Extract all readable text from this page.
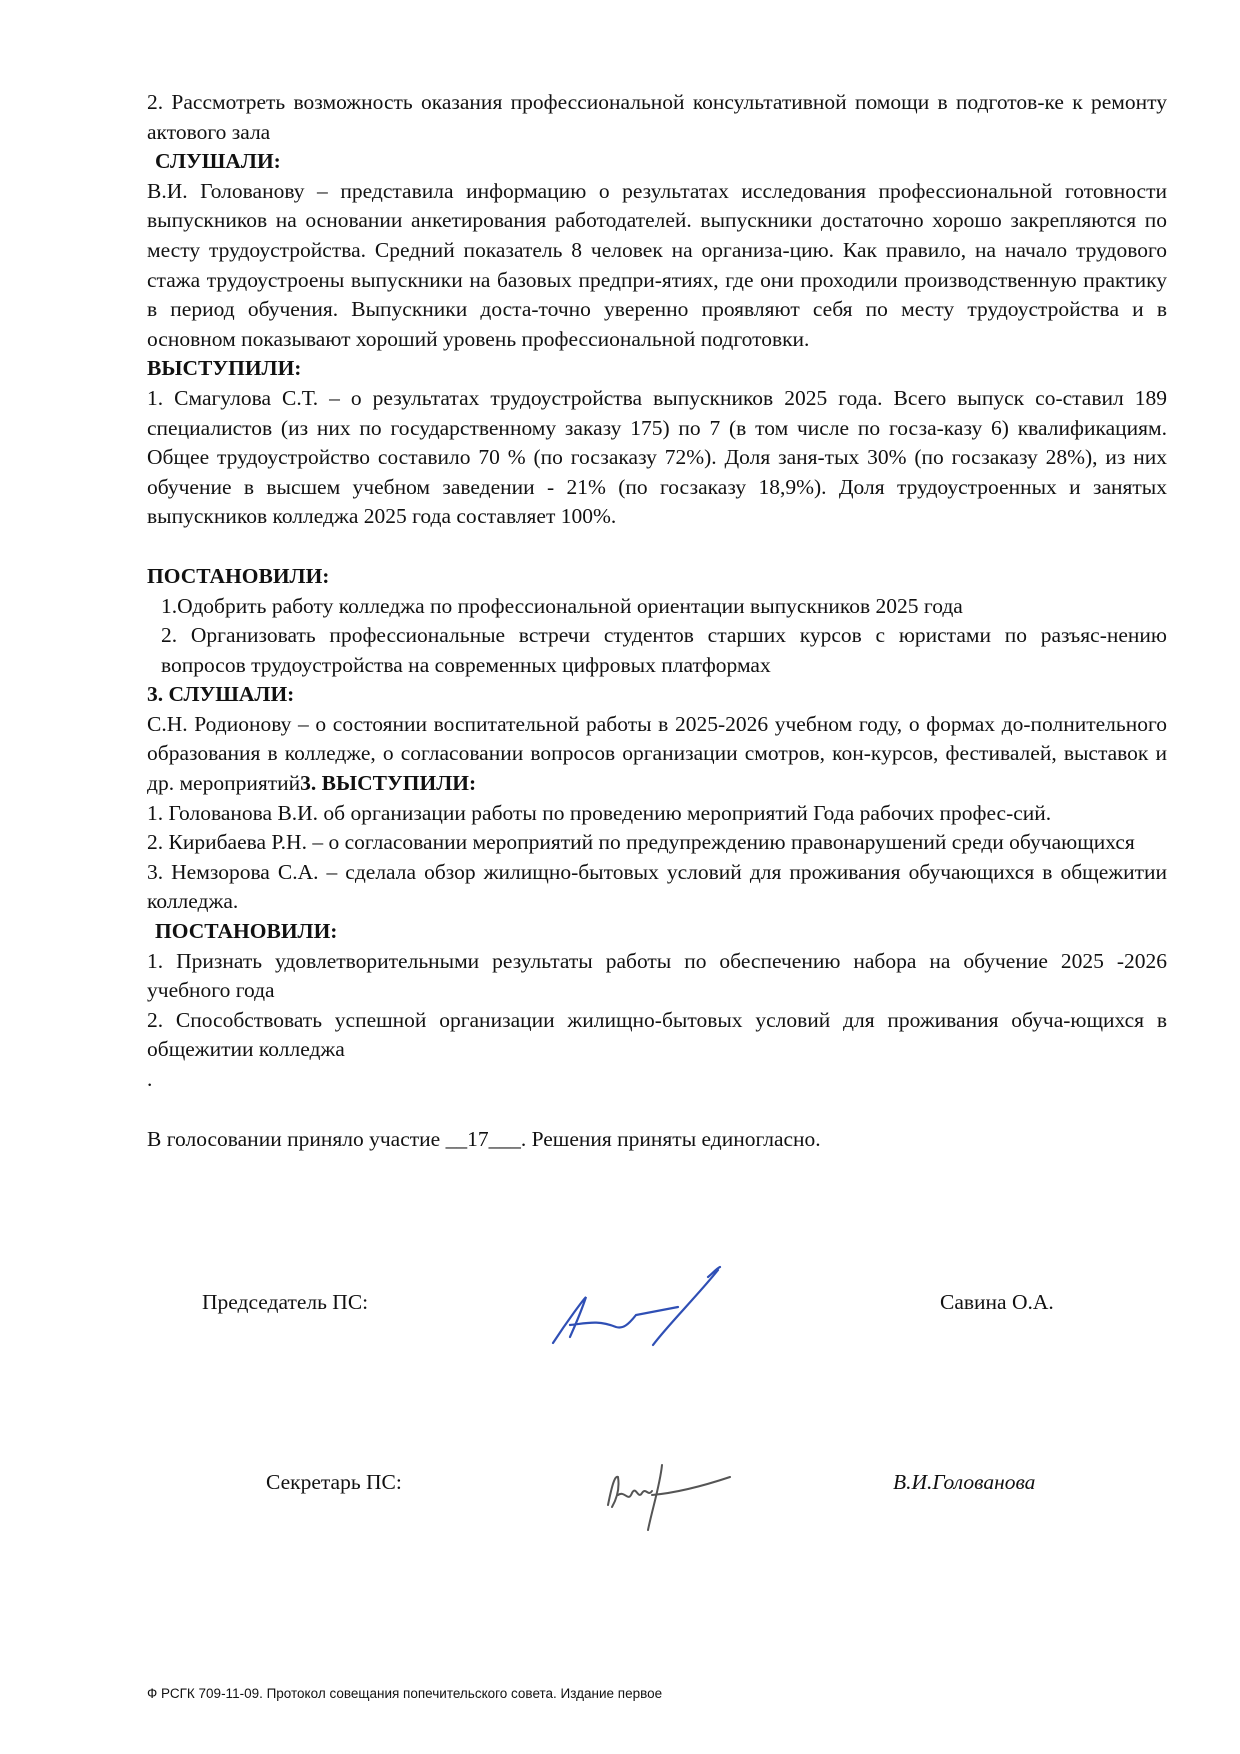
2. Рассмотреть возможность оказания профессиональной консультативной помощи в подготов-ке к ремонту актового зала
СЛУШАЛИ:
В.И. Голованову – представила информацию о результатах исследования профессиональной готовности выпускников на основании анкетирования работодателей. выпускники достаточно хорошо закрепляются по месту трудоустройства. Средний показатель 8 человек на организа-цию. Как правило, на начало трудового стажа трудоустроены выпускники на базовых предпри-ятиях, где они проходили производственную практику в период обучения. Выпускники доста-точно уверенно проявляют себя по месту трудоустройства и в основном показывают хороший уровень профессиональной подготовки.
ВЫСТУПИЛИ:
1. Смагулова С.Т. – о результатах трудоустройства выпускников 2025 года. Всего выпуск со-ставил 189 специалистов (из них по государственному заказу 175) по 7 (в том числе по госза-казу 6) квалификациям. Общее трудоустройство составило 70 % (по госзаказу 72%). Доля заня-тых 30% (по госзаказу 28%), из них обучение в высшем учебном заведении - 21% (по госзаказу 18,9%). Доля трудоустроенных и занятых выпускников колледжа 2025 года составляет 100%.
ПОСТАНОВИЛИ:
1.Одобрить работу колледжа по профессиональной ориентации выпускников 2025 года
2. Организовать профессиональные встречи студентов старших курсов с юристами по разъяс-нению вопросов трудоустройства на современных цифровых платформах
3. СЛУШАЛИ:
С.Н. Родионову – о состоянии воспитательной работы в 2025-2026 учебном году, о формах до-полнительного образования в колледже, о согласовании вопросов организации смотров, кон-курсов, фестивалей, выставок и др. мероприятий3. ВЫСТУПИЛИ:
1. Голованова В.И. об организации работы по проведению мероприятий Года рабочих профес-сий.
2. Кирибаева Р.Н. – о согласовании мероприятий по предупреждению правонарушений среди обучающихся
3. Немзорова С.А. – сделала обзор жилищно-бытовых условий для проживания обучающихся в общежитии колледжа.
ПОСТАНОВИЛИ:
1. Признать удовлетворительными результаты работы по обеспечению набора на обучение 2025 -2026 учебного года
2. Способствовать успешной организации жилищно-бытовых условий для проживания обуча-ющихся в общежитии колледжа
.
В голосовании приняло участие __17___. Решения приняты единогласно.
Председатель ПС:	Савина О.А.
Секретарь ПС:	В.И.Голованова
Ф РСГК 709-11-09. Протокол совещания попечительского совета. Издание первое
